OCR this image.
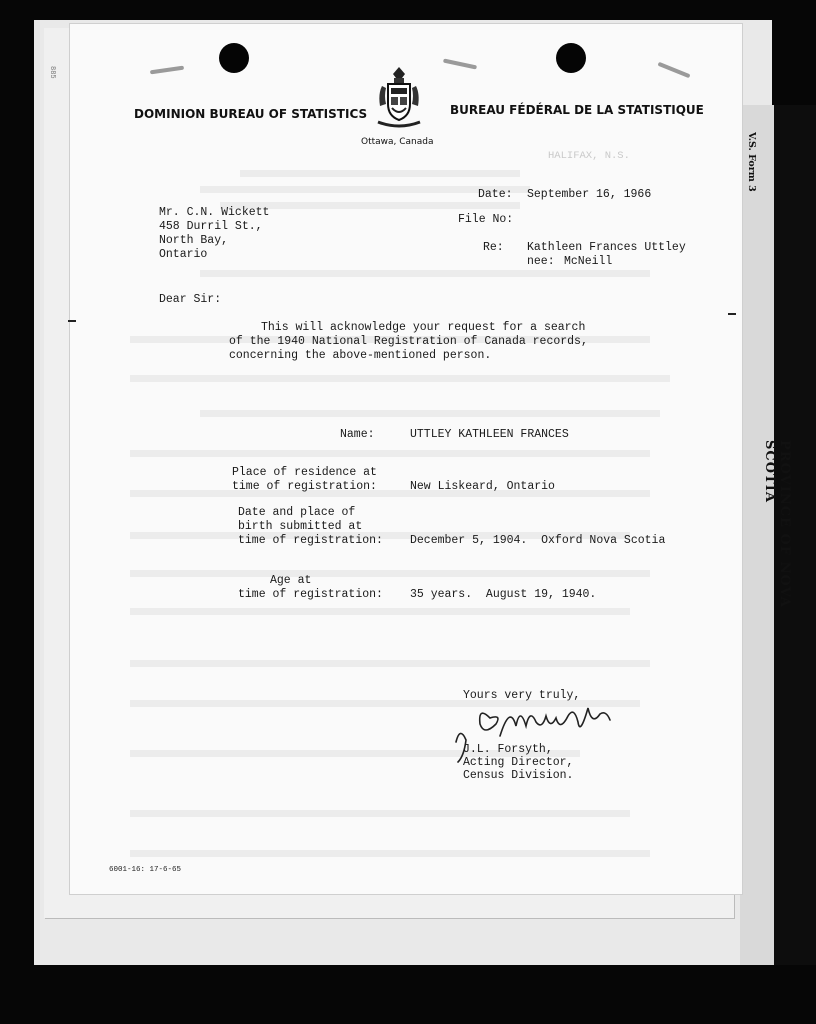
885
V.S. Form 3
PROVINCE OF NOVA SCOTIA
HALIFAX, N.S.
DOMINION BUREAU OF STATISTICS	BUREAU FÉDÉRAL DE LA STATISTIQUE
Ottawa, Canada
Date: September 16, 1966
File No:
Re: Kathleen Frances Uttley
nee: McNeill
Mr. C.N. Wickett
458 Durril St.,
North Bay,
Ontario
Dear Sir:
This will acknowledge your request for a search
of the 1940 National Registration of Canada records,
concerning the above-mentioned person.
Name:	UTTLEY KATHLEEN FRANCES
Place of residence at
time of registration:	New Liskeard, Ontario
Date and place of
birth submitted at
time of registration: December 5, 1904.  Oxford Nova Scotia
Age at
time of registration: 35 years.  August 19, 1940.
Yours very truly,
J.L. Forsyth,
Acting Director,
Census Division.
6001-16: 17-6-65
